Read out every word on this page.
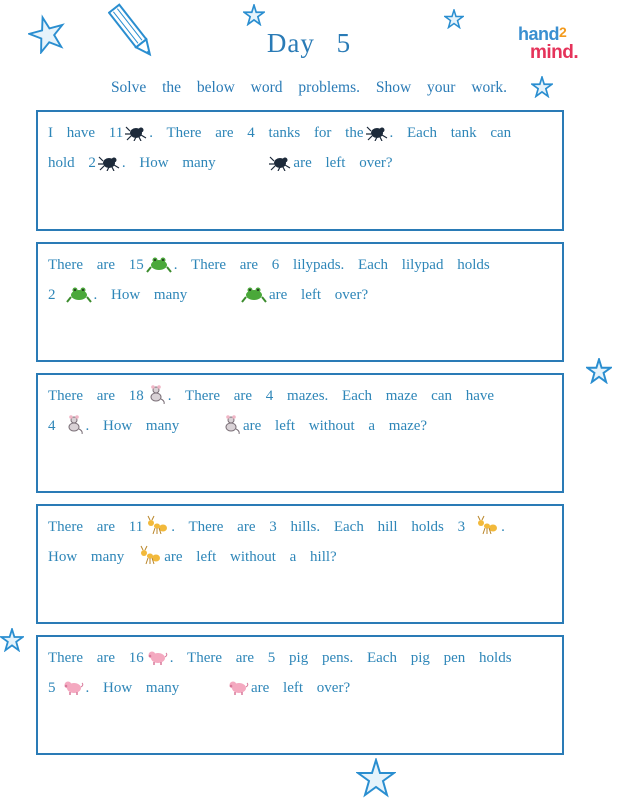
Day 5
Solve the below word problems. Show your work.
hand2
mind.
I have 11 . There are 4 tanks for the . Each tank can
hold 2 . How many	are left over?
There are 15 . There are 6 lilypads. Each lilypad holds
2	. How many	are left over?
There are 18 . There are 4 mazes. Each maze can have
4 . How many	are left without a maze?
There are 11 . There are 3 hills. Each hill holds 3 .
How many	are left without a hill?
There are 16 . There are 5 pig pens. Each pig pen holds
5 . How many	are left over?
